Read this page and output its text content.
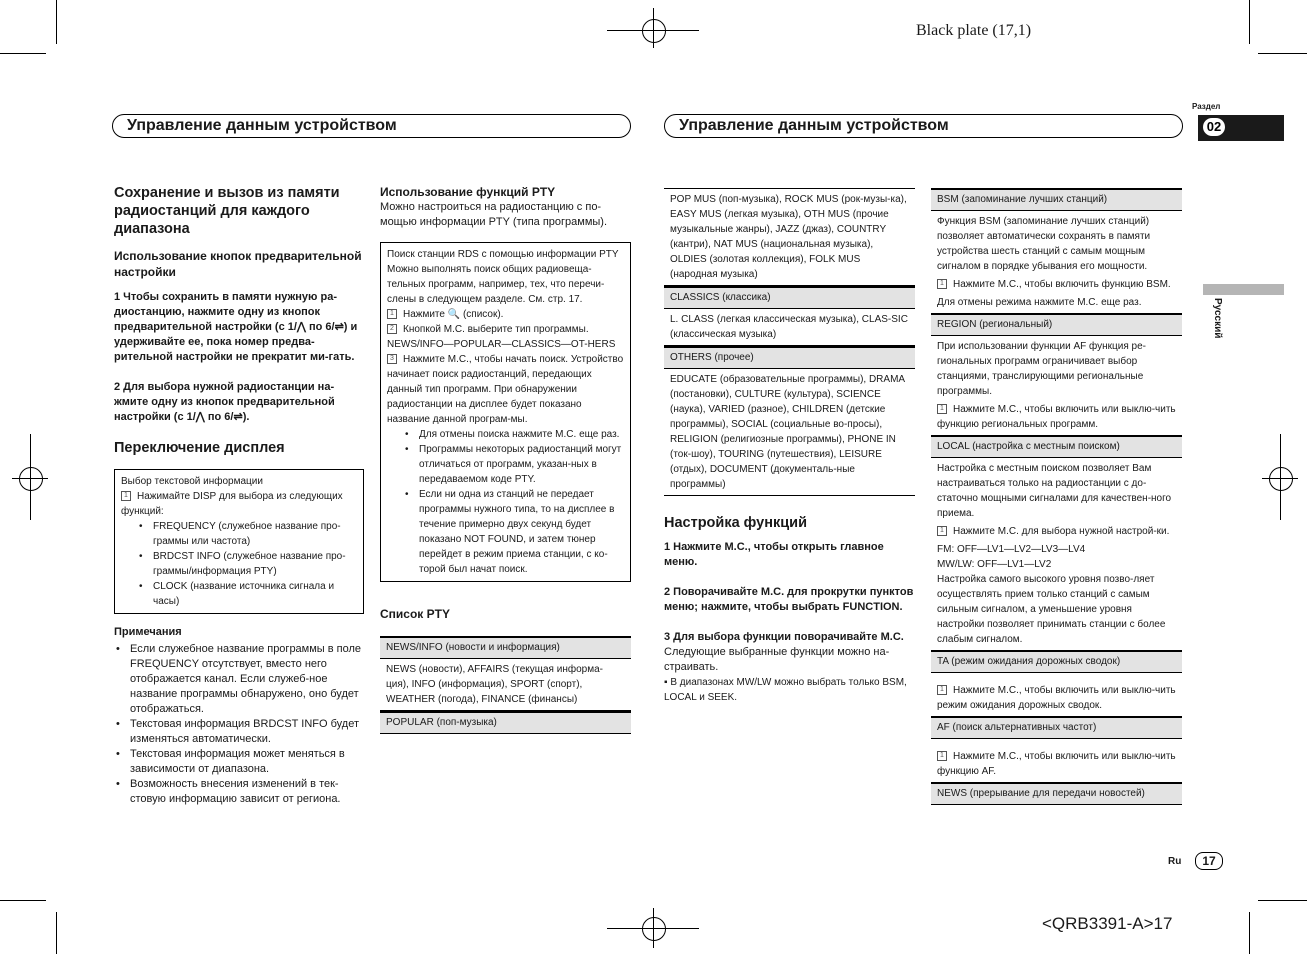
Black plate (17,1)
<QRB3391-A>17
Управление данным устройством	Управление данным устройством
Раздел
02
Русский
Ru	17
Сохранение и вызов из памяти радиостанций для каждого диапазона
Использование кнопок предварительной настройки
1 Чтобы сохранить в памяти нужную ра-диостанцию, нажмите одну из кнопок предварительной настройки (с 1/⋀ по 6/⇌) и удерживайте ее, пока номер предва-рительной настройки не прекратит ми-гать.
2 Для выбора нужной радиостанции на-жмите одну из кнопок предварительной настройки (с 1/⋀ по 6/⇌).
Переключение дисплея

Выбор текстовой информации

1 Нажимайте DISP для выбора из следующих функций:

• FREQUENCY (служебное название про-граммы или частота)

• BRDCST INFO (служебное название про-граммы/информация PTY)

• CLOCK (название источника сигнала и часы)

Примечания
• Если служебное название программы в поле FREQUENCY отсутствует, вместо него отображается канал. Если служеб-ное название программы обнаружено, оно будет отображаться.
• Текстовая информация BRDCST INFO будет изменяться автоматически.
• Текстовая информация может меняться в зависимости от диапазона.
• Возможность внесения изменений в тек-стовую информацию зависит от региона.
Использование функций PTY
Можно настроиться на радиостанцию с по-мощью информации PTY (типа программы).

Поиск станции RDS с помощью информации PTY

Можно выполнять поиск общих радиовеща-тельных программ, например, тех, что перечи-слены в следующем разделе. См. стр. 17.

1 Нажмите 🔍 (список).

2 Кнопкой M.C. выберите тип программы. NEWS/INFO—POPULAR—CLASSICS—OT-HERS

3 Нажмите M.C., чтобы начать поиск. Устройство начинает поиск радиостанций, передающих данный тип программ. При обнаружении радиостанции на дисплее будет показано название данной програм-мы.

• Для отмены поиска нажмите M.C. еще раз.

• Программы некоторых радиостанций могут отличаться от программ, указан-ных в передаваемом коде PTY.

• Если ни одна из станций не передает программы нужного типа, то на дисплее в течение примерно двух секунд будет показано NOT FOUND, и затем тюнер перейдет в режим приема станции, с ко-торой был начат поиск.

Список PTY
NEWS/INFO (новости и информация)
NEWS (новости), AFFAIRS (текущая информа-ция), INFO (информация), SPORT (спорт), WEATHER (погода), FINANCE (финансы)
POPULAR (поп-музыка)
POP MUS (поп-музыка), ROCK MUS (рок-музы-ка), EASY MUS (легкая музыка), OTH MUS (прочие музыкальные жанры), JAZZ (джаз), COUNTRY (кантри), NAT MUS (национальная музыка), OLDIES (золотая коллекция), FOLK MUS (народная музыка)
CLASSICS (классика)
L. CLASS (легкая классическая музыка), CLAS-SIC (классическая музыка)
OTHERS (прочее)
EDUCATE (образовательные программы), DRAMA (постановки), CULTURE (культура), SCIENCE (наука), VARIED (разное), CHILDREN (детские программы), SOCIAL (социальные во-просы), RELIGION (религиозные программы), PHONE IN (ток-шоу), TOURING (путешествия), LEISURE (отдых), DOCUMENT (документаль-ные программы)
Настройка функций
1 Нажмите M.C., чтобы открыть главное меню.
2 Поворачивайте M.C. для прокрутки пунктов меню; нажмите, чтобы выбрать FUNCTION.
3 Для выбора функции поворачивайте M.C.
Следующие выбранные функции можно на-страивать.
▪ В диапазонах MW/LW можно выбрать только BSM, LOCAL и SEEK.
BSM (запоминание лучших станций)
Функция BSM (запоминание лучших станций) позволяет автоматически сохранять в памяти устройства шесть станций с самым мощным сигналом в порядке убывания его мощности.
1 Нажмите M.C., чтобы включить функцию BSM.
Для отмены режима нажмите M.C. еще раз.
REGION (региональный)
При использовании функции AF функция ре-гиональных программ ограничивает выбор станциями, транслирующими региональные программы.
1 Нажмите M.C., чтобы включить или выклю-чить функцию региональных программ.
LOCAL (настройка с местным поиском)
Настройка с местным поиском позволяет Вам настраиваться только на радиостанции с до-статочно мощными сигналами для качествен-ного приема.
1 Нажмите M.C. для выбора нужной настрой-ки.
FM: OFF—LV1—LV2—LV3—LV4
MW/LW: OFF—LV1—LV2
Настройка самого высокого уровня позво-ляет осуществлять прием только станций с самым сильным сигналом, а уменьшение уровня настройки позволяет принимать станции с более слабым сигналом.
TA (режим ожидания дорожных сводок)
1 Нажмите M.C., чтобы включить или выклю-чить режим ожидания дорожных сводок.
AF (поиск альтернативных частот)
1 Нажмите M.C., чтобы включить или выклю-чить функцию AF.
NEWS (прерывание для передачи новостей)
